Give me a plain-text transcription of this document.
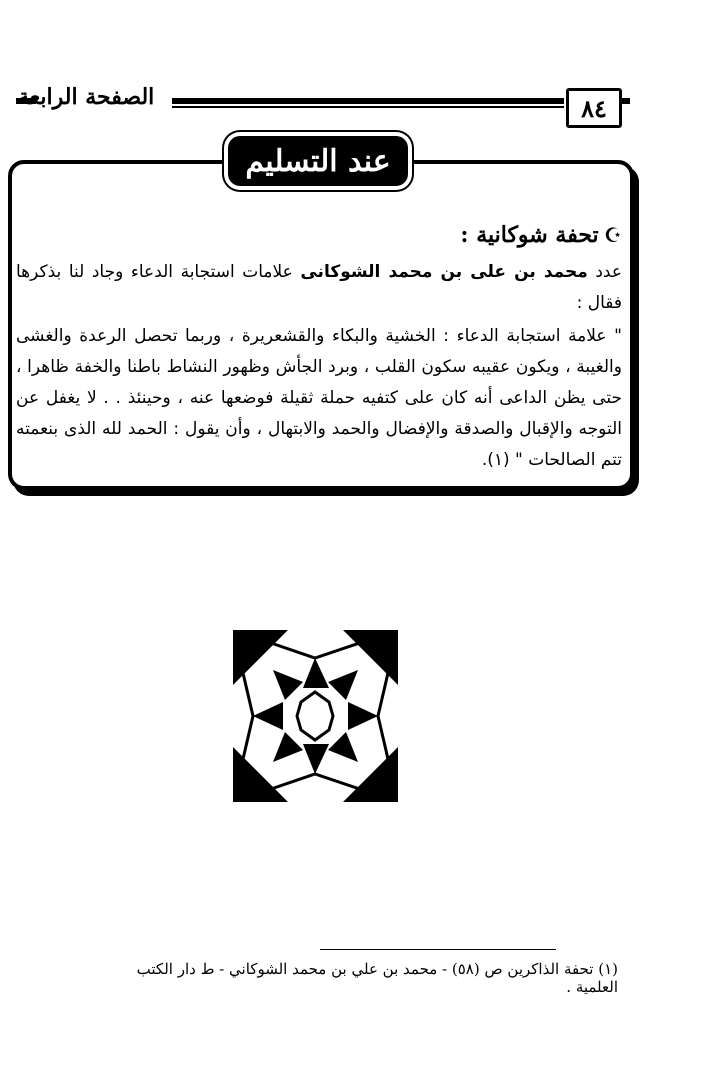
الصفحة الرابعة	٨٤
عند التسليم
☪ تحفة شوكانية :
عدد محمد بن على بن محمد الشوكانى علامات استجابة الدعاء وجاد لنا بذكرها فقال :
" علامة استجابة الدعاء : الخشية والبكاء والقشعريرة ، وربما تحصل الرعدة والغشى والغيبة ، ويكون عقيبه سكون القلب ، وبرد الجأش وظهور النشاط باطنا والخفة ظاهرا ، حتى يظن الداعى أنه كان على كتفيه حملة ثقيلة فوضعها عنه ، وحينئذ . . لا يغفل عن التوجه والإقبال والصدقة والإفضال والحمد والابتهال ، وأن يقول : الحمد لله الذى بنعمته تتم الصالحات " (١).
(١) تحفة الذاكرين ص (٥٨) - محمد بن علي بن محمد الشوكاني - ط دار الكتب العلمية .
